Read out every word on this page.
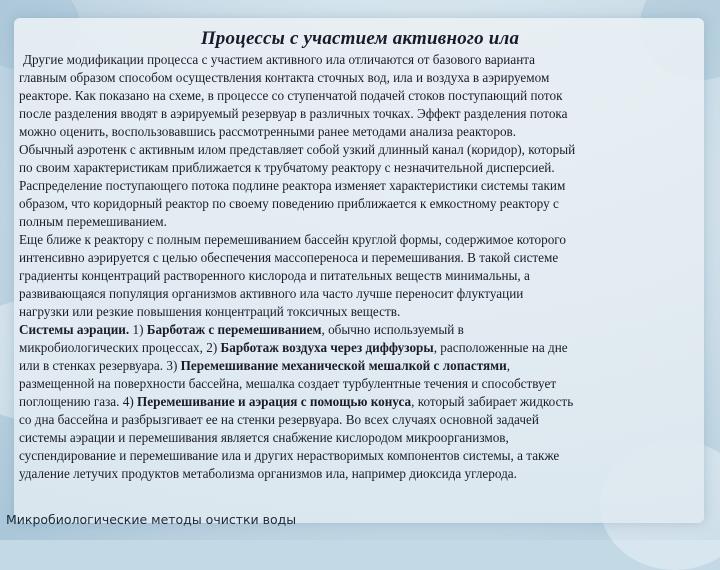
Процессы с участием активного ила
Другие модификации процесса с участием активного ила отличаются от базового варианта
главным образом способом осуществления контакта сточных вод, ила и воздуха в аэрируемом
реакторе. Как показано на схеме, в процессе со ступенчатой подачей стоков поступающий поток
после разделения вводят в аэрируемый резервуар в различных точках. Эффект разделения потока
можно оценить, воспользовавшись рассмотренными ранее методами анализа реакторов.
Обычный аэротенк с активным илом представляет собой узкий длинный канал (коридор), который
по своим характеристикам приближается к трубчатому реактору с незначительной дисперсией.
Распределение поступающего потока подлине реактора изменяет характеристики системы таким
образом, что коридорный реактор по своему поведению приближается к емкостному реактору с
полным перемешиванием.
Еще ближе к реактору с полным перемешиванием бассейн круглой формы, содержимое которого
интенсивно аэрируется с целью обеспечения массопереноса и перемешивания. В такой системе
градиенты концентраций растворенного кислорода и питательных веществ минимальны, а
развивающаяся популяция организмов активного ила часто лучше переносит флуктуации
нагрузки или резкие повышения концентраций токсичных веществ.
Системы аэрации. 1) Барботаж с перемешиванием, обычно используемый в
микробиологических процессах, 2) Барботаж воздуха через диффузоры, расположенные на дне
или в стенках резервуара. 3) Перемешивание механической мешалкой с лопастями,
размещенной на поверхности бассейна, мешалка создает турбулентные течения и способствует
поглощению газа. 4) Перемешивание и аэрация с помощью конуса, который забирает жидкость
со дна бассейна и разбрызгивает ее на стенки резервуара. Во всех случаях основной задачей
системы аэрации и перемешивания является снабжение кислородом микроорганизмов,
суспендирование и перемешивание ила и других нерастворимых компонентов системы, а также
удаление летучих продуктов метаболизма организмов ила, например диоксида углерода.
Микробиологические методы очистки воды
